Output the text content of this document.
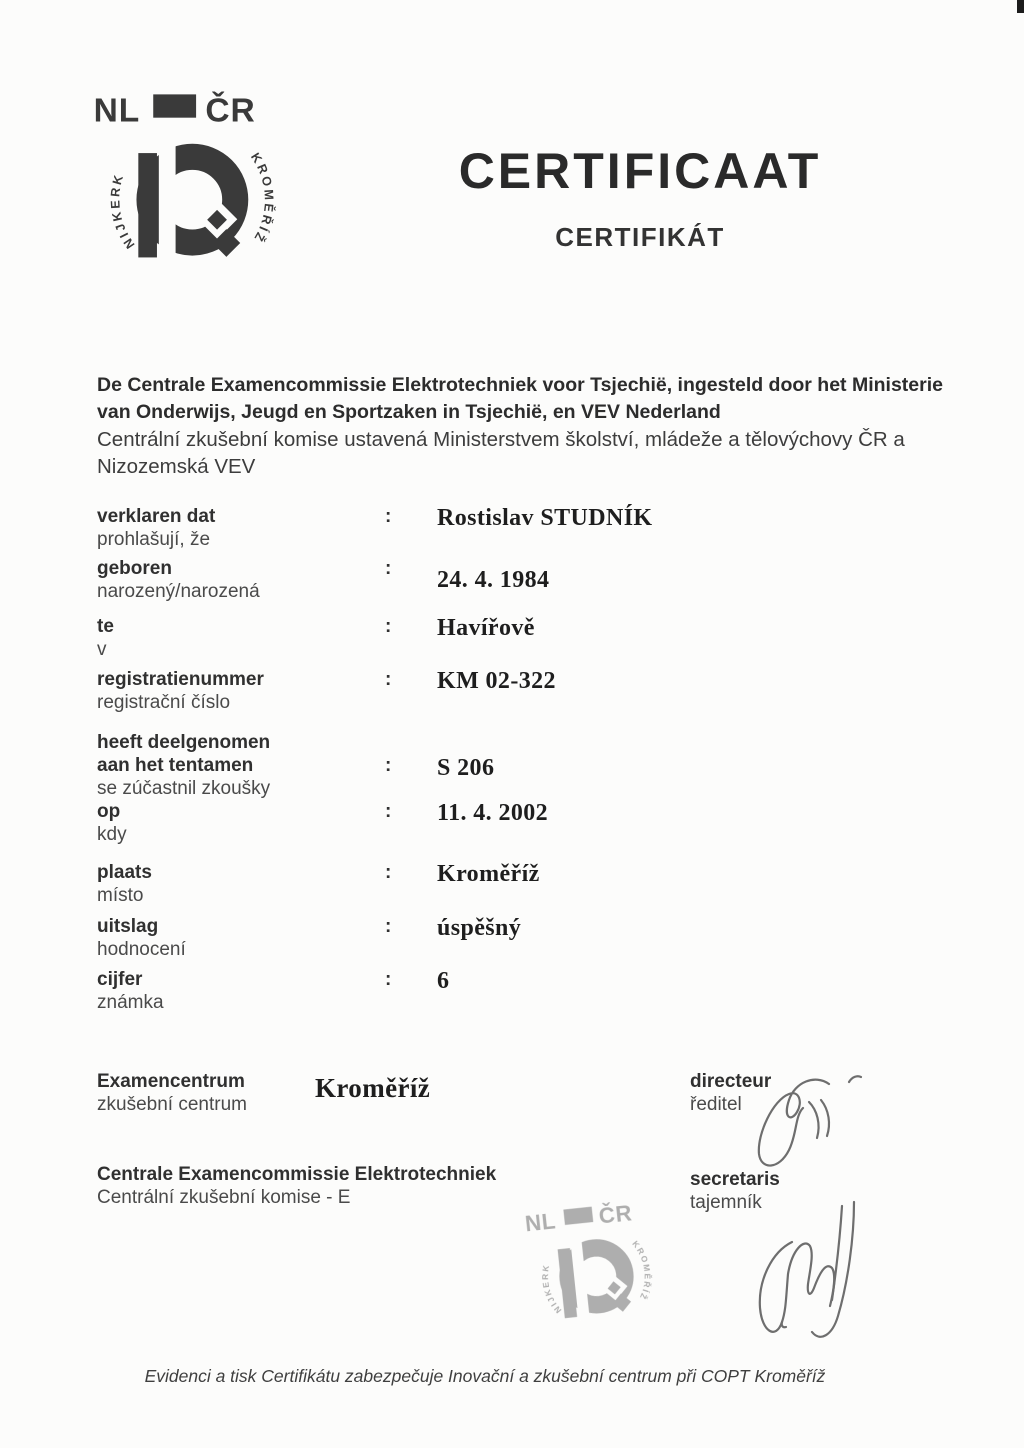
NL ČR
NIJKERK
KROMĚŘÍŽ
CERTIFICAAT
CERTIFIKÁT

De Centrale Examencommissie Elektrotechniek voor Tsjechië, ingesteld door het Ministerie van Onderwijs, Jeugd en Sportzaken in Tsjechië, en VEV Nederland

Centrální zkušební komise ustavená Ministerstvem školství, mládeže a tělovýchovy ČR a Nizozemská VEV

verklaren dat
prohlašují, že
:	Rostislav STUDNÍK
geboren
narozený/narozená
:	24. 4. 1984
te
v
:	Havířově
registratienummer
registrační číslo
:	KM 02-322
heeft deelgenomen
aan het tentamen
se zúčastnil zkoušky
:	S 206
op
kdy
:	11. 4. 2002
plaats
místo
:	Kroměříž
uitslag
hodnocení
:	úspěšný
cijfer
známka
:	6
Examencentrum
zkušební centrum
Kroměříž	directeur
ředitel
Centrale Examencommissie Elektrotechniek
Centrální zkušební komise - E
secretaris
tajemník
Evidenci a tisk Certifikátu zabezpečuje Inovační a zkušební centrum při COPT Kroměříž
